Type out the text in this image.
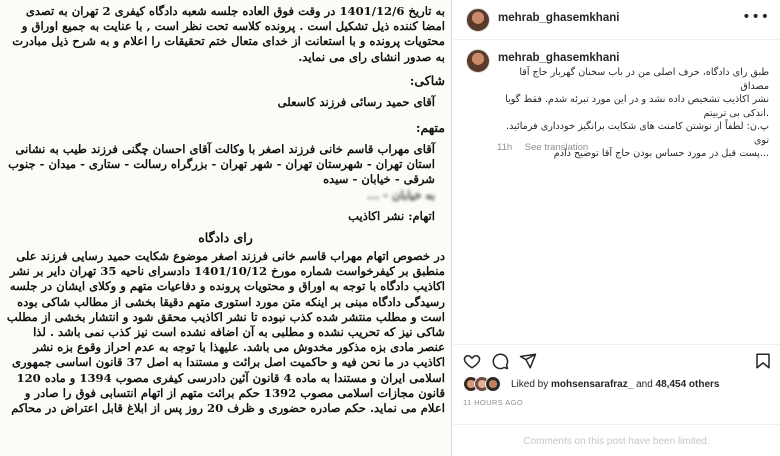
به تاریخ 1401/12/6 در وقت فوق العاده جلسه شعبه دادگاه کیفری 2 تهران به تصدی امضا کننده ذیل تشکیل است . پرونده کلاسه تحت نظر است , با عنایت به جمیع اوراق و محتویات پرونده و با استعانت از خدای متعال ختم تحقیقات را اعلام و به شرح ذیل مبادرت به صدور انشای رای می نماید.
شاکی:
آقای حمید رسائی فرزند کاسعلی
متهم:
آقای مهراب قاسم خانی فرزند اصغر با وکالت آقای احسان چگنی فرزند طیب به نشانی استان تهران - شهرستان تهران - شهر تهران - بزرگراه رسالت - ستاری - میدان - جنوب شرقی - خیابان - سیده
به خیابان - ...
اتهام: نشر اکاذیب
رای دادگاه
در خصوص اتهام مهراب قاسم خانی فرزند اصغر موضوع شکایت حمید رسایی فرزند علی منطبق بر کیفرخواست شماره مورخ 1401/10/12 دادسرای ناحیه 35 تهران دایر بر نشر اکاذیب دادگاه با توجه به اوراق و محتویات پرونده و دفاعیات متهم و وکلای ایشان در جلسه رسیدگی دادگاه مبنی بر اینکه متن مورد استوری متهم دقیقا بخشی از مطالب شاکی بوده است و مطلب منتشر شده کذب نبوده تا نشر اکاذیب محقق شود و انتشار بخشی از مطلب شاکی نیز که تحریب نشده و مطلبی به آن اضافه نشده است نیز کذب نمی باشد . لذا عنصر مادی بزه مذکور مخدوش می باشد. علیهذا با توجه به عدم احراز وقوع بزه نشر اکاذیب در ما نحن فیه و حاکمیت اصل برائت و مستندا به اصل 37 قانون اساسی جمهوری اسلامی ایران و مستندا به ماده 4 قانون آئین دادرسی کیفری مصوب 1394 و ماده 120 قانون مجازات اسلامی مصوب 1392 حکم برائت متهم از اتهام انتسابی فوق را صادر و اعلام می نماید. حکم صادره حضوری و ظرف 20 روز پس از ابلاغ قابل اعتراض در محاکم
mehrab_ghasemkhani	•••
mehrab_ghasemkhani
طبق رای دادگاه، حرف اصلی من در باب سخنان گهربار حاج آقا مصداق
نشر اکاذیب تشخیص داده نشد و در این مورد تبرئه شدم. فقط گویا
.اندکی بی تربیتم
پ.ن: لطفاً از نوشتن کامنت های شکایت برانگیز خودداری فرمائید. توی
...پست قبل در مورد حساس بودن حاج آقا توضیح دادم
11h See translation
Liked by mohsensarafraz_ and 48,454 others
11 HOURS AGO
Comments on this post have been limited.
